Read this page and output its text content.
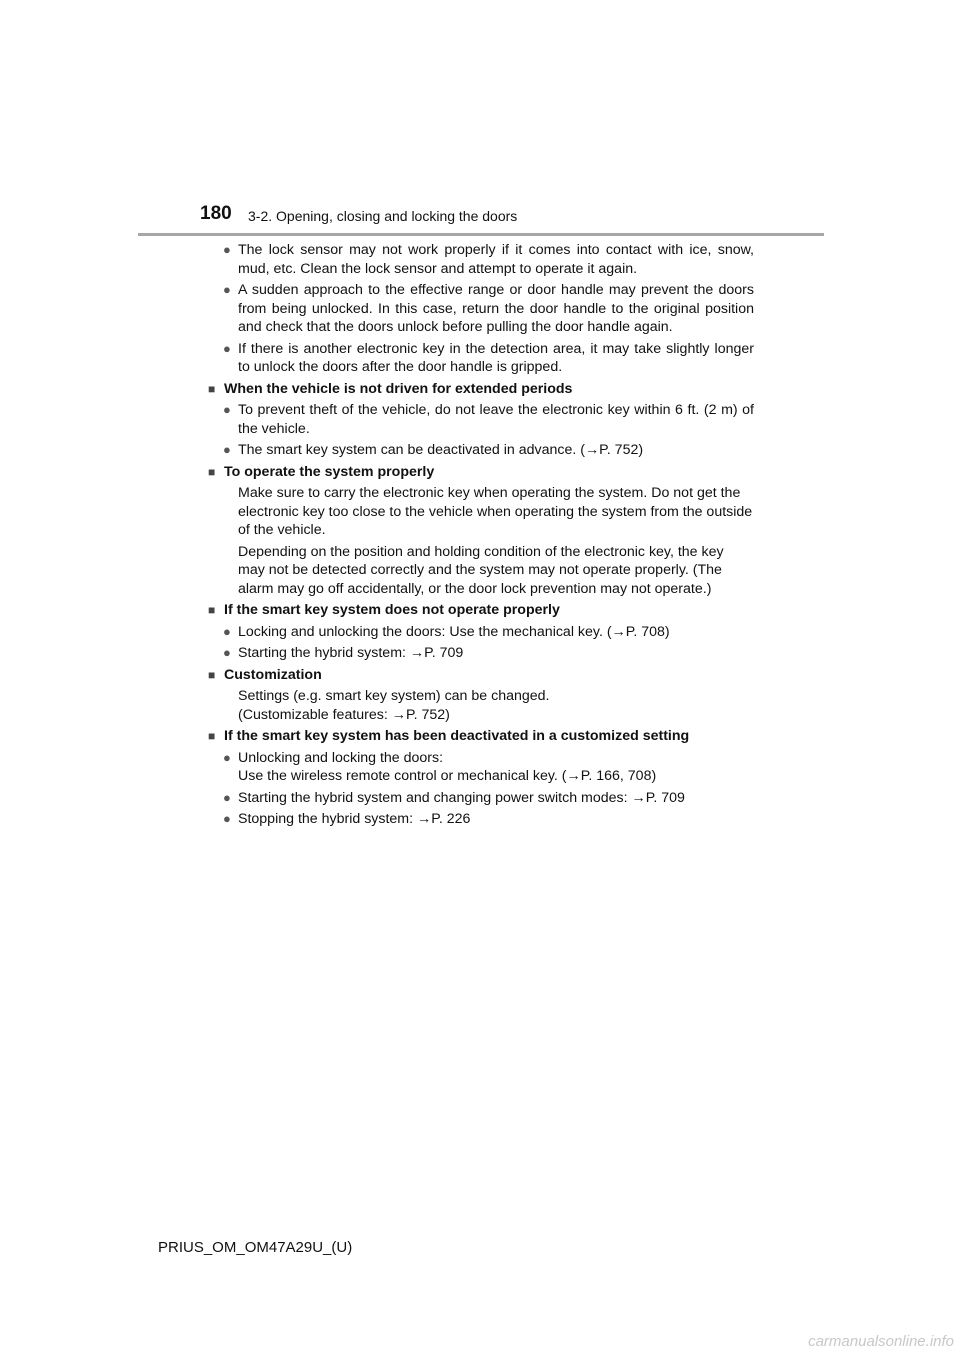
180 3-2. Opening, closing and locking the doors
● The lock sensor may not work properly if it comes into contact with ice, snow, mud, etc. Clean the lock sensor and attempt to operate it again.
● A sudden approach to the effective range or door handle may prevent the doors from being unlocked. In this case, return the door handle to the original position and check that the doors unlock before pulling the door handle again.
● If there is another electronic key in the detection area, it may take slightly longer to unlock the doors after the door handle is gripped.
■ When the vehicle is not driven for extended periods
● To prevent theft of the vehicle, do not leave the electronic key within 6 ft. (2 m) of the vehicle.
● The smart key system can be deactivated in advance. (→P. 752)
■ To operate the system properly
Make sure to carry the electronic key when operating the system. Do not get the electronic key too close to the vehicle when operating the system from the outside of the vehicle.
Depending on the position and holding condition of the electronic key, the key may not be detected correctly and the system may not operate properly. (The alarm may go off accidentally, or the door lock prevention may not operate.)
■ If the smart key system does not operate properly
● Locking and unlocking the doors: Use the mechanical key. (→P. 708)
● Starting the hybrid system: →P. 709
■ Customization
Settings (e.g. smart key system) can be changed.
(Customizable features: →P. 752)
■ If the smart key system has been deactivated in a customized setting
● Unlocking and locking the doors:
Use the wireless remote control or mechanical key. (→P. 166, 708)
● Starting the hybrid system and changing power switch modes: →P. 709
● Stopping the hybrid system: →P. 226
PRIUS_OM_OM47A29U_(U)
carmanualsonline.info
